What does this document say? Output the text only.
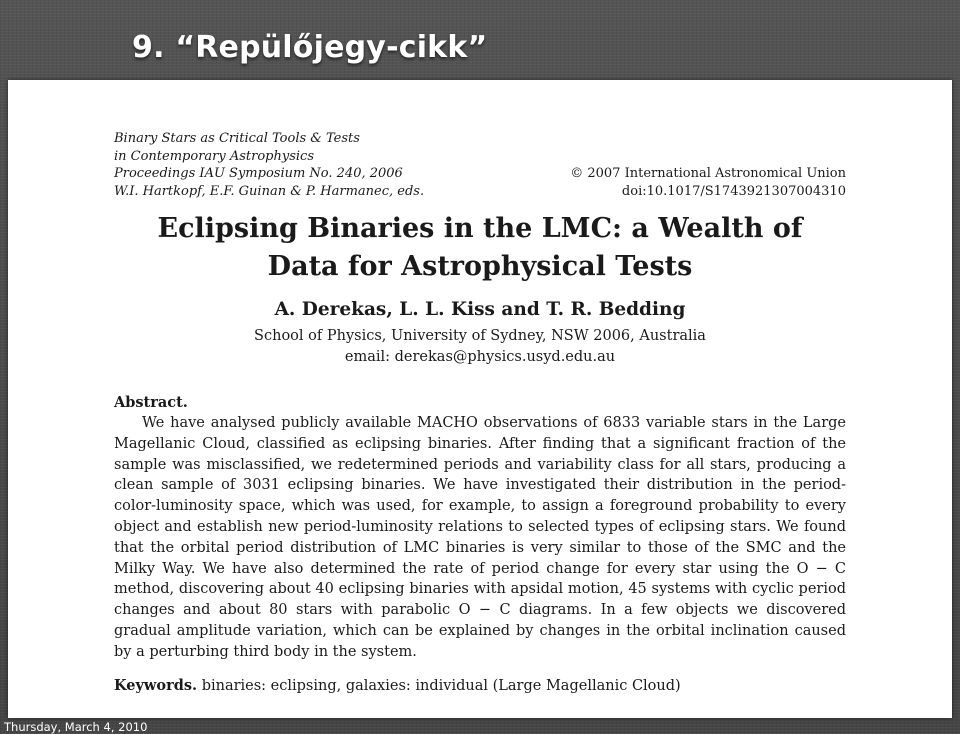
9. “Repülőjegy-cikk”
Binary Stars as Critical Tools & Tests
in Contemporary Astrophysics
Proceedings IAU Symposium No. 240, 2006
W.I. Hartkopf, E.F. Guinan & P. Harmanec, eds.
© 2007 International Astronomical Union
doi:10.1017/S1743921307004310
Eclipsing Binaries in the LMC: a Wealth of
Data for Astrophysical Tests
A. Derekas, L. L. Kiss and T. R. Bedding
School of Physics, University of Sydney, NSW 2006, Australia
email: derekas@physics.usyd.edu.au
Abstract.

We have analysed publicly available MACHO observations of 6833 variable stars in the Large Magellanic Cloud, classified as eclipsing binaries. After finding that a significant fraction of the sample was misclassified, we redetermined periods and variability class for all stars, producing a clean sample of 3031 eclipsing binaries. We have investigated their distribution in the period-color-luminosity space, which was used, for example, to assign a foreground probability to every object and establish new period-luminosity relations to selected types of eclipsing stars. We found that the orbital period distribution of LMC binaries is very similar to those of the SMC and the Milky Way. We have also determined the rate of period change for every star using the O − C method, discovering about 40 eclipsing binaries with apsidal motion, 45 systems with cyclic period changes and about 80 stars with parabolic O − C diagrams. In a few objects we discovered gradual amplitude variation, which can be explained by changes in the orbital inclination caused by a perturbing third body in the system.

Keywords. binaries: eclipsing, galaxies: individual (Large Magellanic Cloud)
Thursday, March 4, 2010
